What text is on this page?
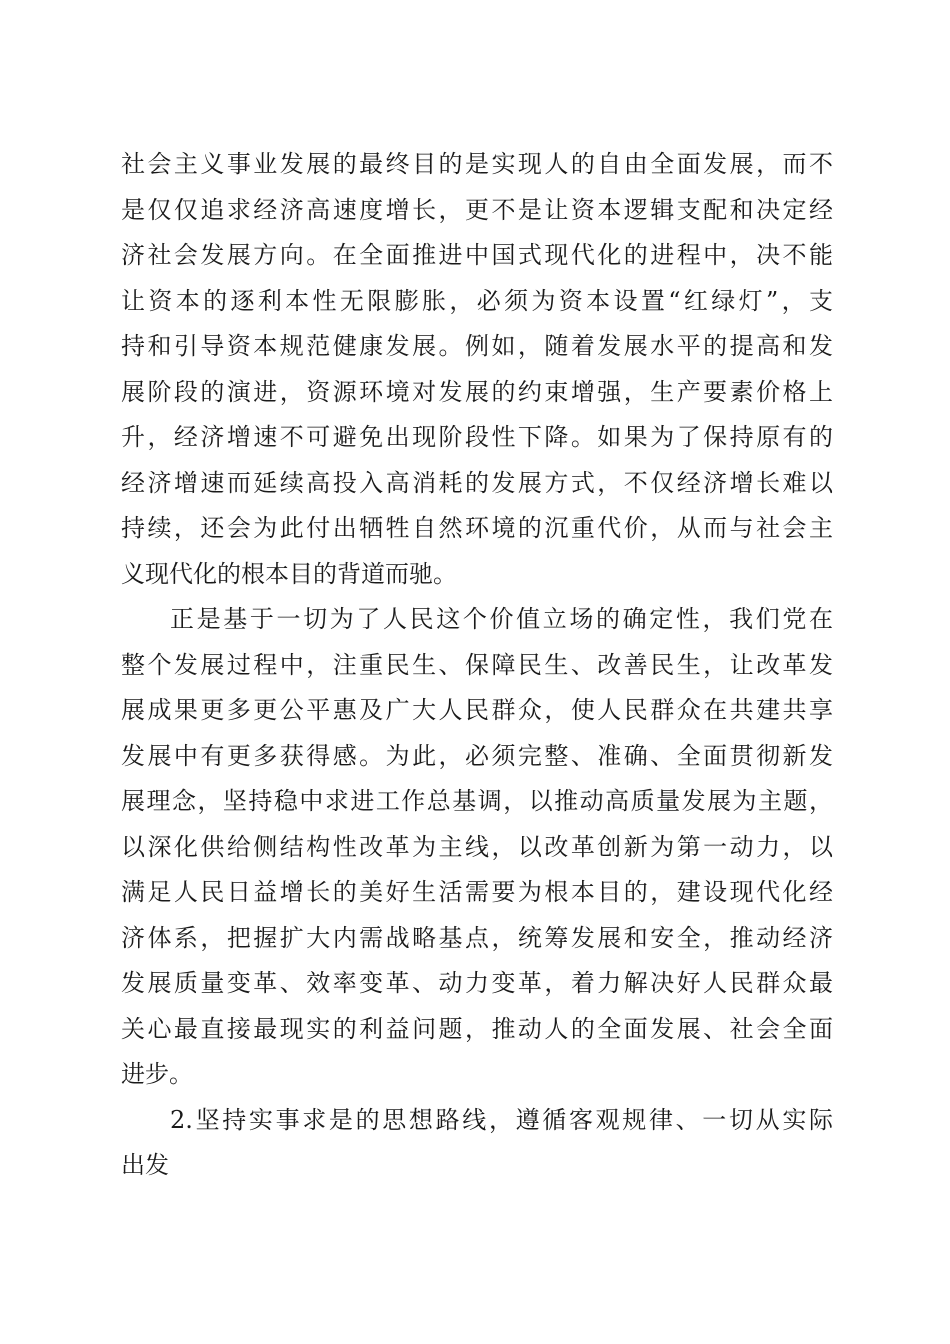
社会主义事业发展的最终目的是实现人的自由全面发展，而不
是仅仅追求经济高速度增长，更不是让资本逻辑支配和决定经
济社会发展方向。在全面推进中国式现代化的进程中，决不能
让资本的逐利本性无限膨胀，必须为资本设置“红绿灯”，支
持和引导资本规范健康发展。例如，随着发展水平的提高和发
展阶段的演进，资源环境对发展的约束增强，生产要素价格上
升，经济增速不可避免出现阶段性下降。如果为了保持原有的
经济增速而延续高投入高消耗的发展方式，不仅经济增长难以
持续，还会为此付出牺牲自然环境的沉重代价，从而与社会主
义现代化的根本目的背道而驰。
正是基于一切为了人民这个价值立场的确定性，我们党在
整个发展过程中，注重民生、保障民生、改善民生，让改革发
展成果更多更公平惠及广大人民群众，使人民群众在共建共享
发展中有更多获得感。为此，必须完整、准确、全面贯彻新发
展理念，坚持稳中求进工作总基调，以推动高质量发展为主题，
以深化供给侧结构性改革为主线，以改革创新为第一动力，以
满足人民日益增长的美好生活需要为根本目的，建设现代化经
济体系，把握扩大内需战略基点，统筹发展和安全，推动经济
发展质量变革、效率变革、动力变革，着力解决好人民群众最
关心最直接最现实的利益问题，推动人的全面发展、社会全面
进步。
2.坚持实事求是的思想路线，遵循客观规律、一切从实际
出发
